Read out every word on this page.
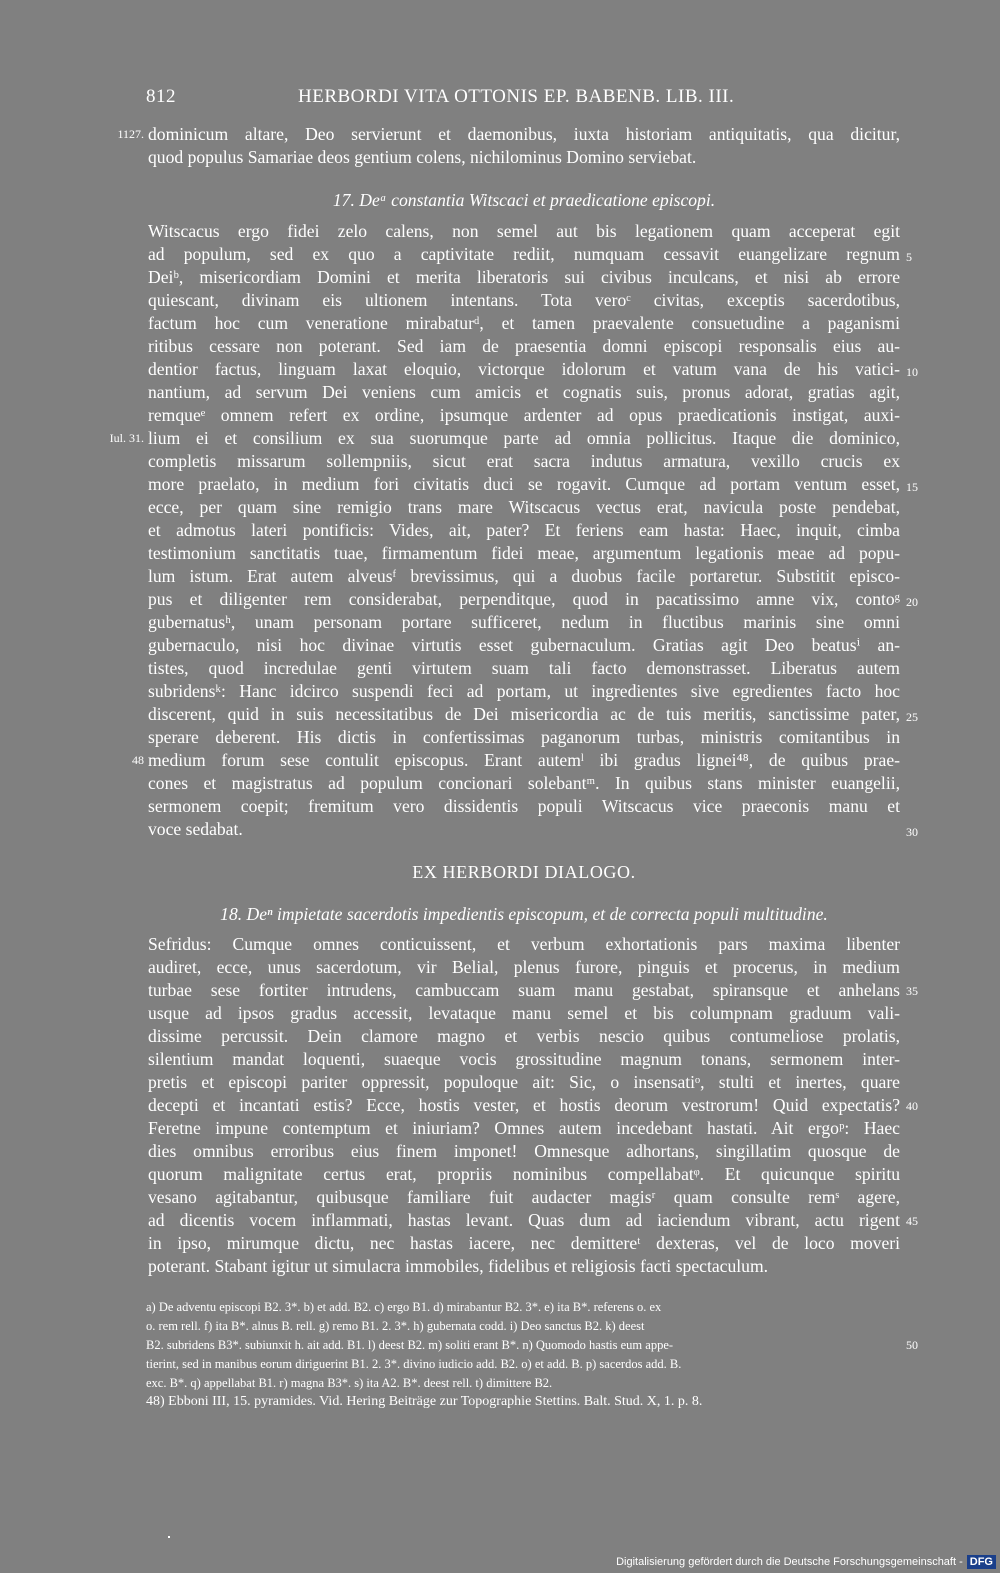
812	HERBORDI VITA OTTONIS EP. BABENB. LIB. III.
1127. dominicum altare, Deo servierunt et daemonibus, iuxta historiam antiquitatis, qua dicitur,
quod populus Samariae deos gentium colens, nichilominus Domino serviebat.
17. Deᵃ constantia Witscaci et praedicatione episcopi.
Witscacus ergo fidei zelo calens, non semel aut bis legationem quam acceperat egit
ad populum, sed ex quo a captivitate rediit, numquam cessavit euangelizare regnum
Deiᵇ, misericordiam Domini et merita liberatoris sui civibus inculcans, et nisi ab errore
quiescant, divinam eis ultionem intentans. Tota veroᶜ civitas, exceptis sacerdotibus,
factum hoc cum veneratione mirabaturᵈ, et tamen praevalente consuetudine a paganismi
ritibus cessare non poterant. Sed iam de praesentia domni episcopi responsalis eius au-
dentior factus, linguam laxat eloquio, victorque idolorum et vatum vana de his vatici-
nantium, ad servum Dei veniens cum amicis et cognatis suis, pronus adorat, gratias agit,
remqueᵉ omnem refert ex ordine, ipsumque ardenter ad opus praedicationis instigat, auxi-
lium ei et consilium ex sua suorumque parte ad omnia pollicitus. Itaque die dominico,
completis missarum sollempniis, sicut erat sacra indutus armatura, vexillo crucis ex
more praelato, in medium fori civitatis duci se rogavit. Cumque ad portam ventum esset,
ecce, per quam sine remigio trans mare Witscacus vectus erat, navicula poste pendebat,
et admotus lateri pontificis: Vides, ait, pater? Et feriens eam hasta: Haec, inquit, cimba
testimonium sanctitatis tuae, firmamentum fidei meae, argumentum legationis meae ad popu-
lum istum. Erat autem alveusᶠ brevissimus, qui a duobus facile portaretur. Substitit episco-
pus et diligenter rem considerabat, perpenditque, quod in pacatissimo amne vix, contoᵍ
gubernatusʰ, unam personam portare sufficeret, nedum in fluctibus marinis sine omni
gubernaculo, nisi hoc divinae virtutis esset gubernaculum. Gratias agit Deo beatusⁱ an-
tistes, quod incredulae genti virtutem suam tali facto demonstrasset. Liberatus autem
subridensᵏ: Hanc idcirco suspendi feci ad portam, ut ingredientes sive egredientes facto hoc
discerent, quid in suis necessitatibus de Dei misericordia ac de tuis meritis, sanctissime pater,
sperare deberent. His dictis in confertissimas paganorum turbas, ministris comitantibus in
medium forum sese contulit episcopus. Erant autemˡ ibi gradus lignei⁴⁸, de quibus prae-
cones et magistratus ad populum concionari solebantᵐ. In quibus stans minister euangelii,
sermonem coepit; fremitum vero dissidentis populi Witscacus vice praeconis manu et
voce sedabat.
Iul. 31.
48
5
10
15
20
25
30
EX HERBORDI DIALOGO.
18. Deⁿ impietate sacerdotis impedientis episcopum, et de correcta populi multitudine.
Sefridus: Cumque omnes conticuissent, et verbum exhortationis pars maxima libenter
audiret, ecce, unus sacerdotum, vir Belial, plenus furore, pinguis et procerus, in medium
turbae sese fortiter intrudens, cambuccam suam manu gestabat, spiransque et anhelans
usque ad ipsos gradus accessit, levataque manu semel et bis columpnam graduum vali-
dissime percussit. Dein clamore magno et verbis nescio quibus contumeliose prolatis,
silentium mandat loquenti, suaeque vocis grossitudine magnum tonans, sermonem inter-
pretis et episcopi pariter oppressit, populoque ait: Sic, o insensatiᵒ, stulti et inertes, quare
decepti et incantati estis? Ecce, hostis vester, et hostis deorum vestrorum! Quid expectatis?
Feretne impune contemptum et iniuriam? Omnes autem incedebant hastati. Ait ergoᵖ: Haec
dies omnibus erroribus eius finem imponet! Omnesque adhortans, singillatim quosque de
quorum malignitate certus erat, propriis nominibus compellabatᵠ. Et quicunque spiritu
vesano agitabantur, quibusque familiare fuit audacter magisʳ quam consulte remˢ agere,
ad dicentis vocem inflammati, hastas levant. Quas dum ad iaciendum vibrant, actu rigent
in ipso, mirumque dictu, nec hastas iacere, nec demittereᵗ dexteras, vel de loco moveri
poterant. Stabant igitur ut simulacra immobiles, fidelibus et religiosis facti spectaculum.
35
40
45
a) De adventu episcopi B2. 3*. b) et add. B2. c) ergo B1. d) mirabantur B2. 3*. e) ita B*. referens o. ex
o. rem rell. f) ita B*. alnus B. rell. g) remo B1. 2. 3*. h) gubernata codd. i) Deo sanctus B2. k) deest
B2. subridens B3*. subiunxit h. ait add. B1. l) deest B2. m) soliti erant B*. n) Quomodo hastis eum appe-
tierint, sed in manibus eorum diriguerint B1. 2. 3*. divino iudicio add. B2. o) et add. B. p) sacerdos add. B.
exc. B*. q) appellabat B1. r) magna B3*. s) ita A2. B*. deest rell. t) dimittere B2.
50
48) Ebboni III, 15. pyramides. Vid. Hering Beiträge zur Topographie Stettins. Balt. Stud. X, 1. p. 8.
Digitalisierung gefördert durch die Deutsche Forschungsgemeinschaft - DFG
